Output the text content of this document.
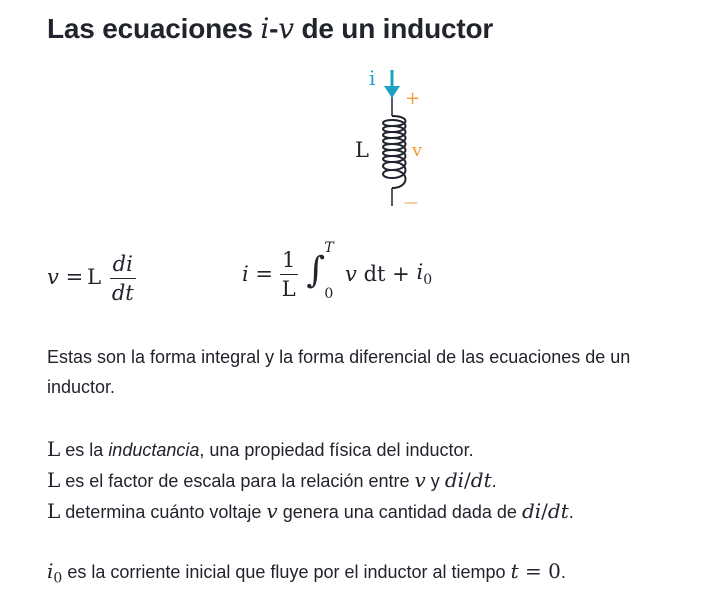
Las ecuaciones i-v de un inductor
i
+
L v
—
v = L $\frac{di}{dt}$	$i = \frac{1}{L}$
∫
T
0
v dt + $i_0$
Estas son la forma integral y la forma diferencial de las ecuaciones de un
inductor.
L es la inductancia, una propiedad física del inductor.
L es el factor de escala para la relación entre v y di/dt.
L determina cuánto voltaje v genera una cantidad dada de di/dt.
$i_0$ es la corriente inicial que fluye por el inductor al tiempo t = 0.
